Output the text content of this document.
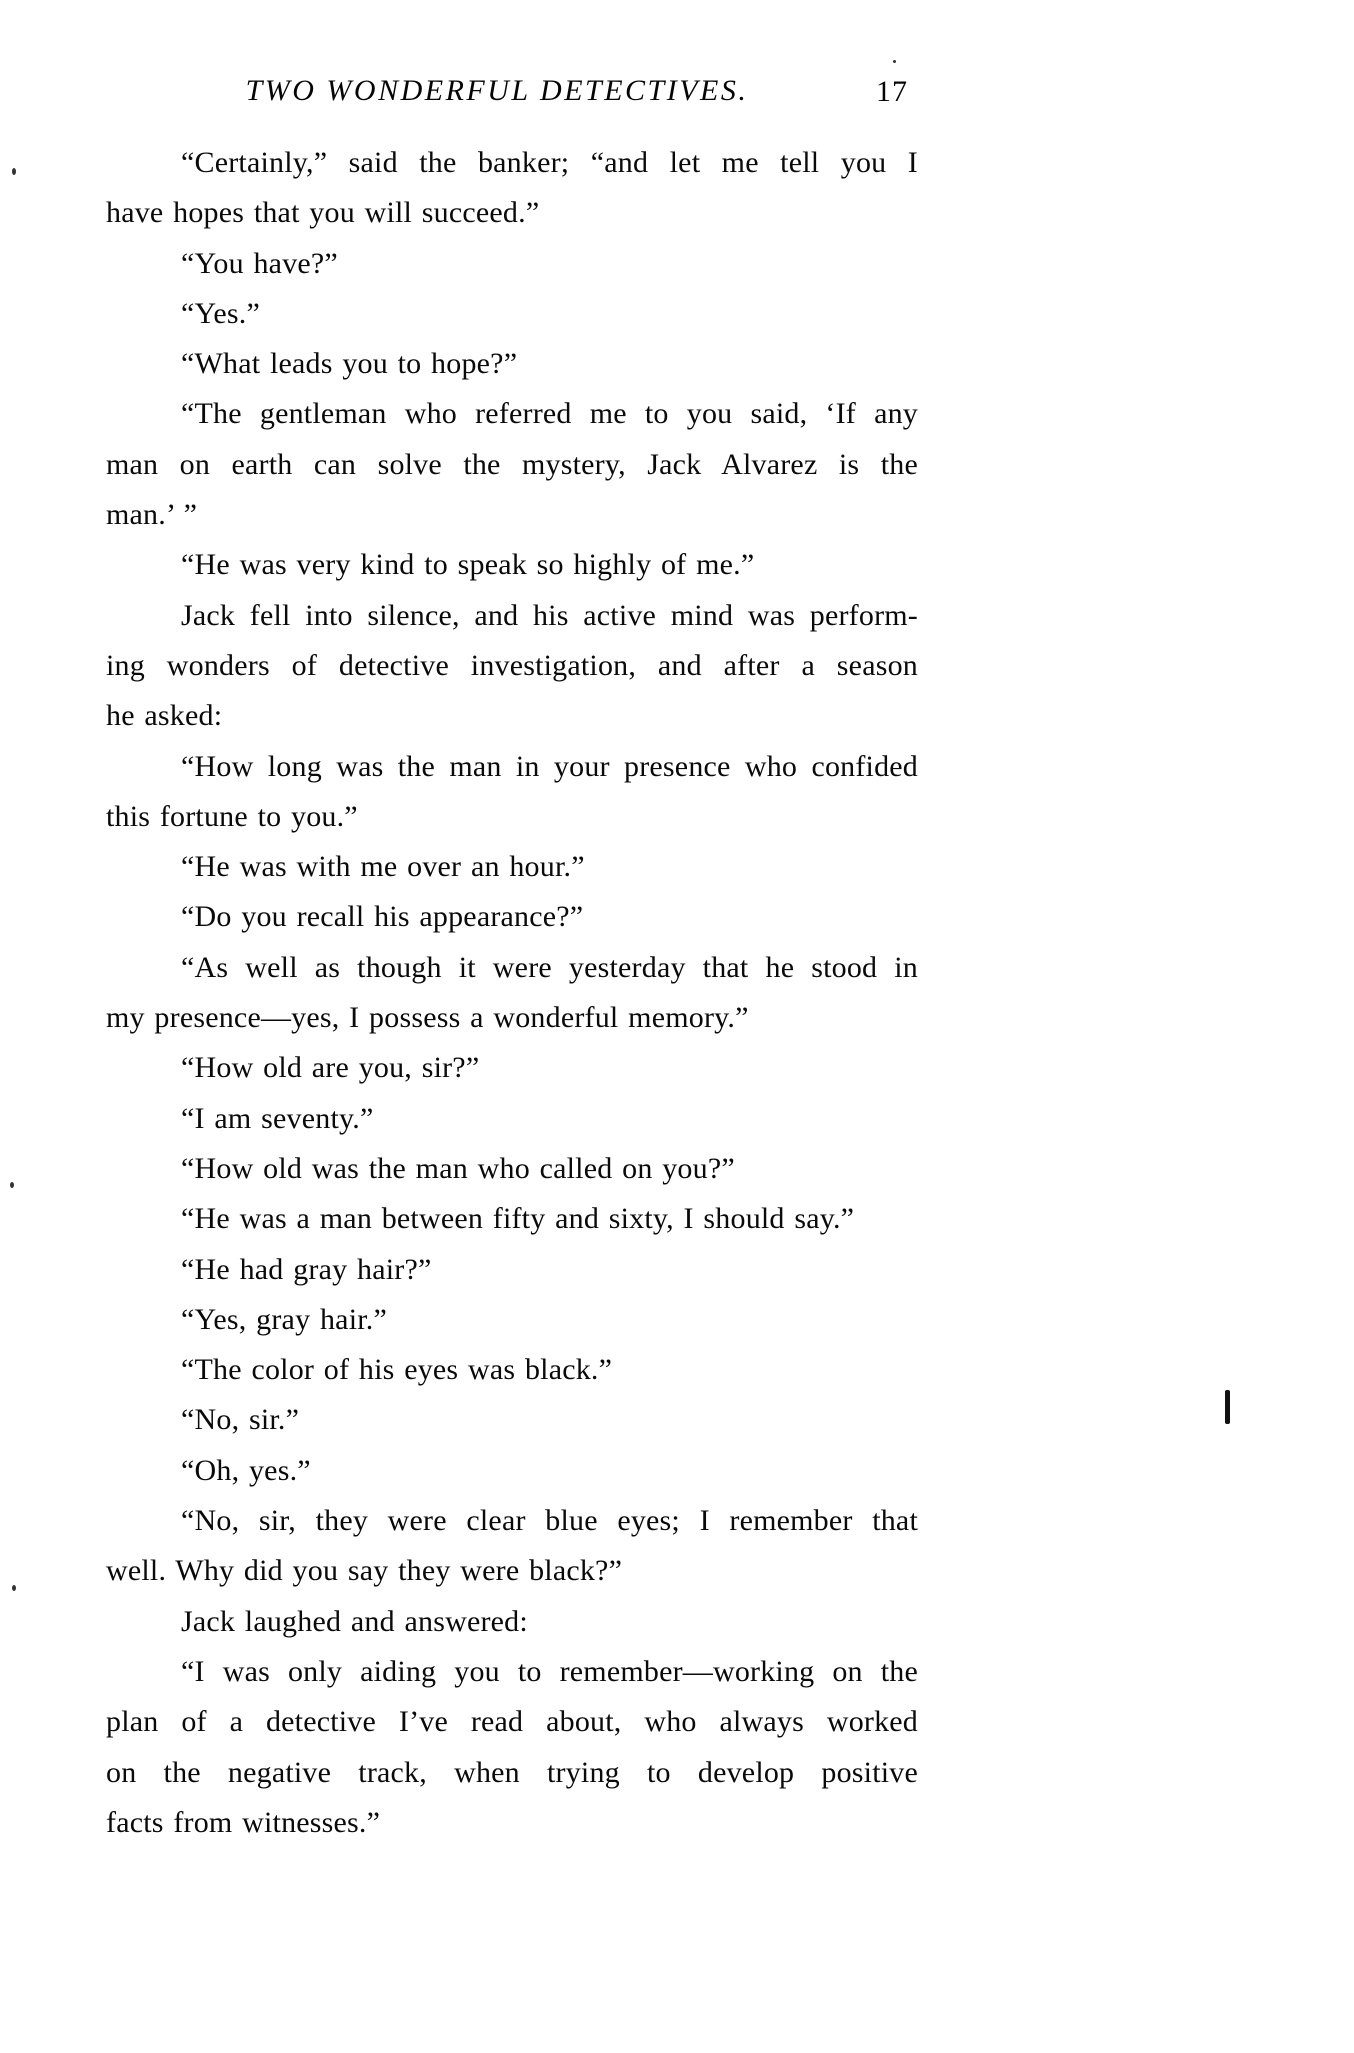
TWO WONDERFUL DETECTIVES.	17
“Certainly,” said the banker; “and let me tell you I
have hopes that you will succeed.”
“You have?”
“Yes.”
“What leads you to hope?”
“The gentleman who referred me to you said, ‘If any
man on earth can solve the mystery, Jack Alvarez is the
man.’ ”
“He was very kind to speak so highly of me.”
Jack fell into silence, and his active mind was perform-
ing wonders of detective investigation, and after a season
he asked:
“How long was the man in your presence who confided
this fortune to you.”
“He was with me over an hour.”
“Do you recall his appearance?”
“As well as though it were yesterday that he stood in
my presence—yes, I possess a wonderful memory.”
“How old are you, sir?”
“I am seventy.”
“How old was the man who called on you?”
“He was a man between fifty and sixty, I should say.”
“He had gray hair?”
“Yes, gray hair.”
“The color of his eyes was black.”
“No, sir.”
“Oh, yes.”
“No, sir, they were clear blue eyes; I remember that
well. Why did you say they were black?”
Jack laughed and answered:
“I was only aiding you to remember—working on the
plan of a detective I’ve read about, who always worked
on the negative track, when trying to develop positive
facts from witnesses.”
